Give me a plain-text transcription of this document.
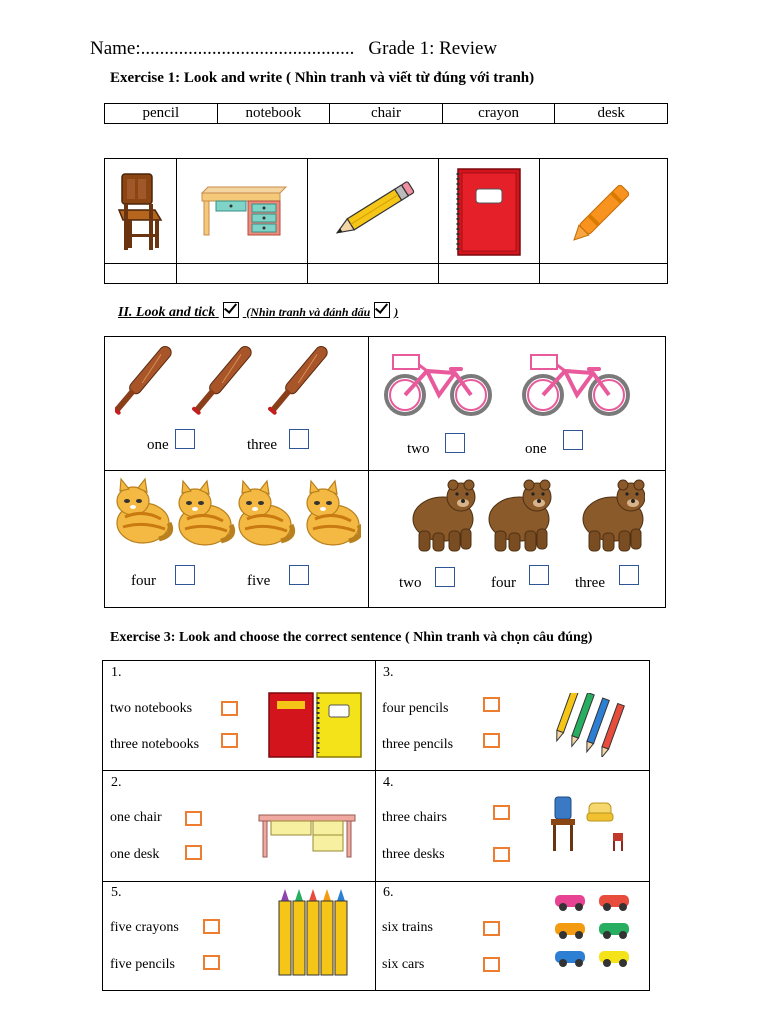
Name:............................................. Grade 1: Review
Exercise 1: Look and write ( Nhìn tranh và viết từ đúng với tranh)
pencil	notebook	chair	crayon	desk

II. Look and tick	(Nhìn tranh và đánh dấu )
one	three	two	one
four	five	two	four	three
Exercise 3: Look and choose the correct sentence ( Nhìn tranh và chọn câu đúng)
1.
two notebooks
three notebooks
3.
four pencils
three pencils
2.
one chair
one desk
4.
three chairs
three desks
5.
five crayons
five pencils
6.
six trains
six cars
